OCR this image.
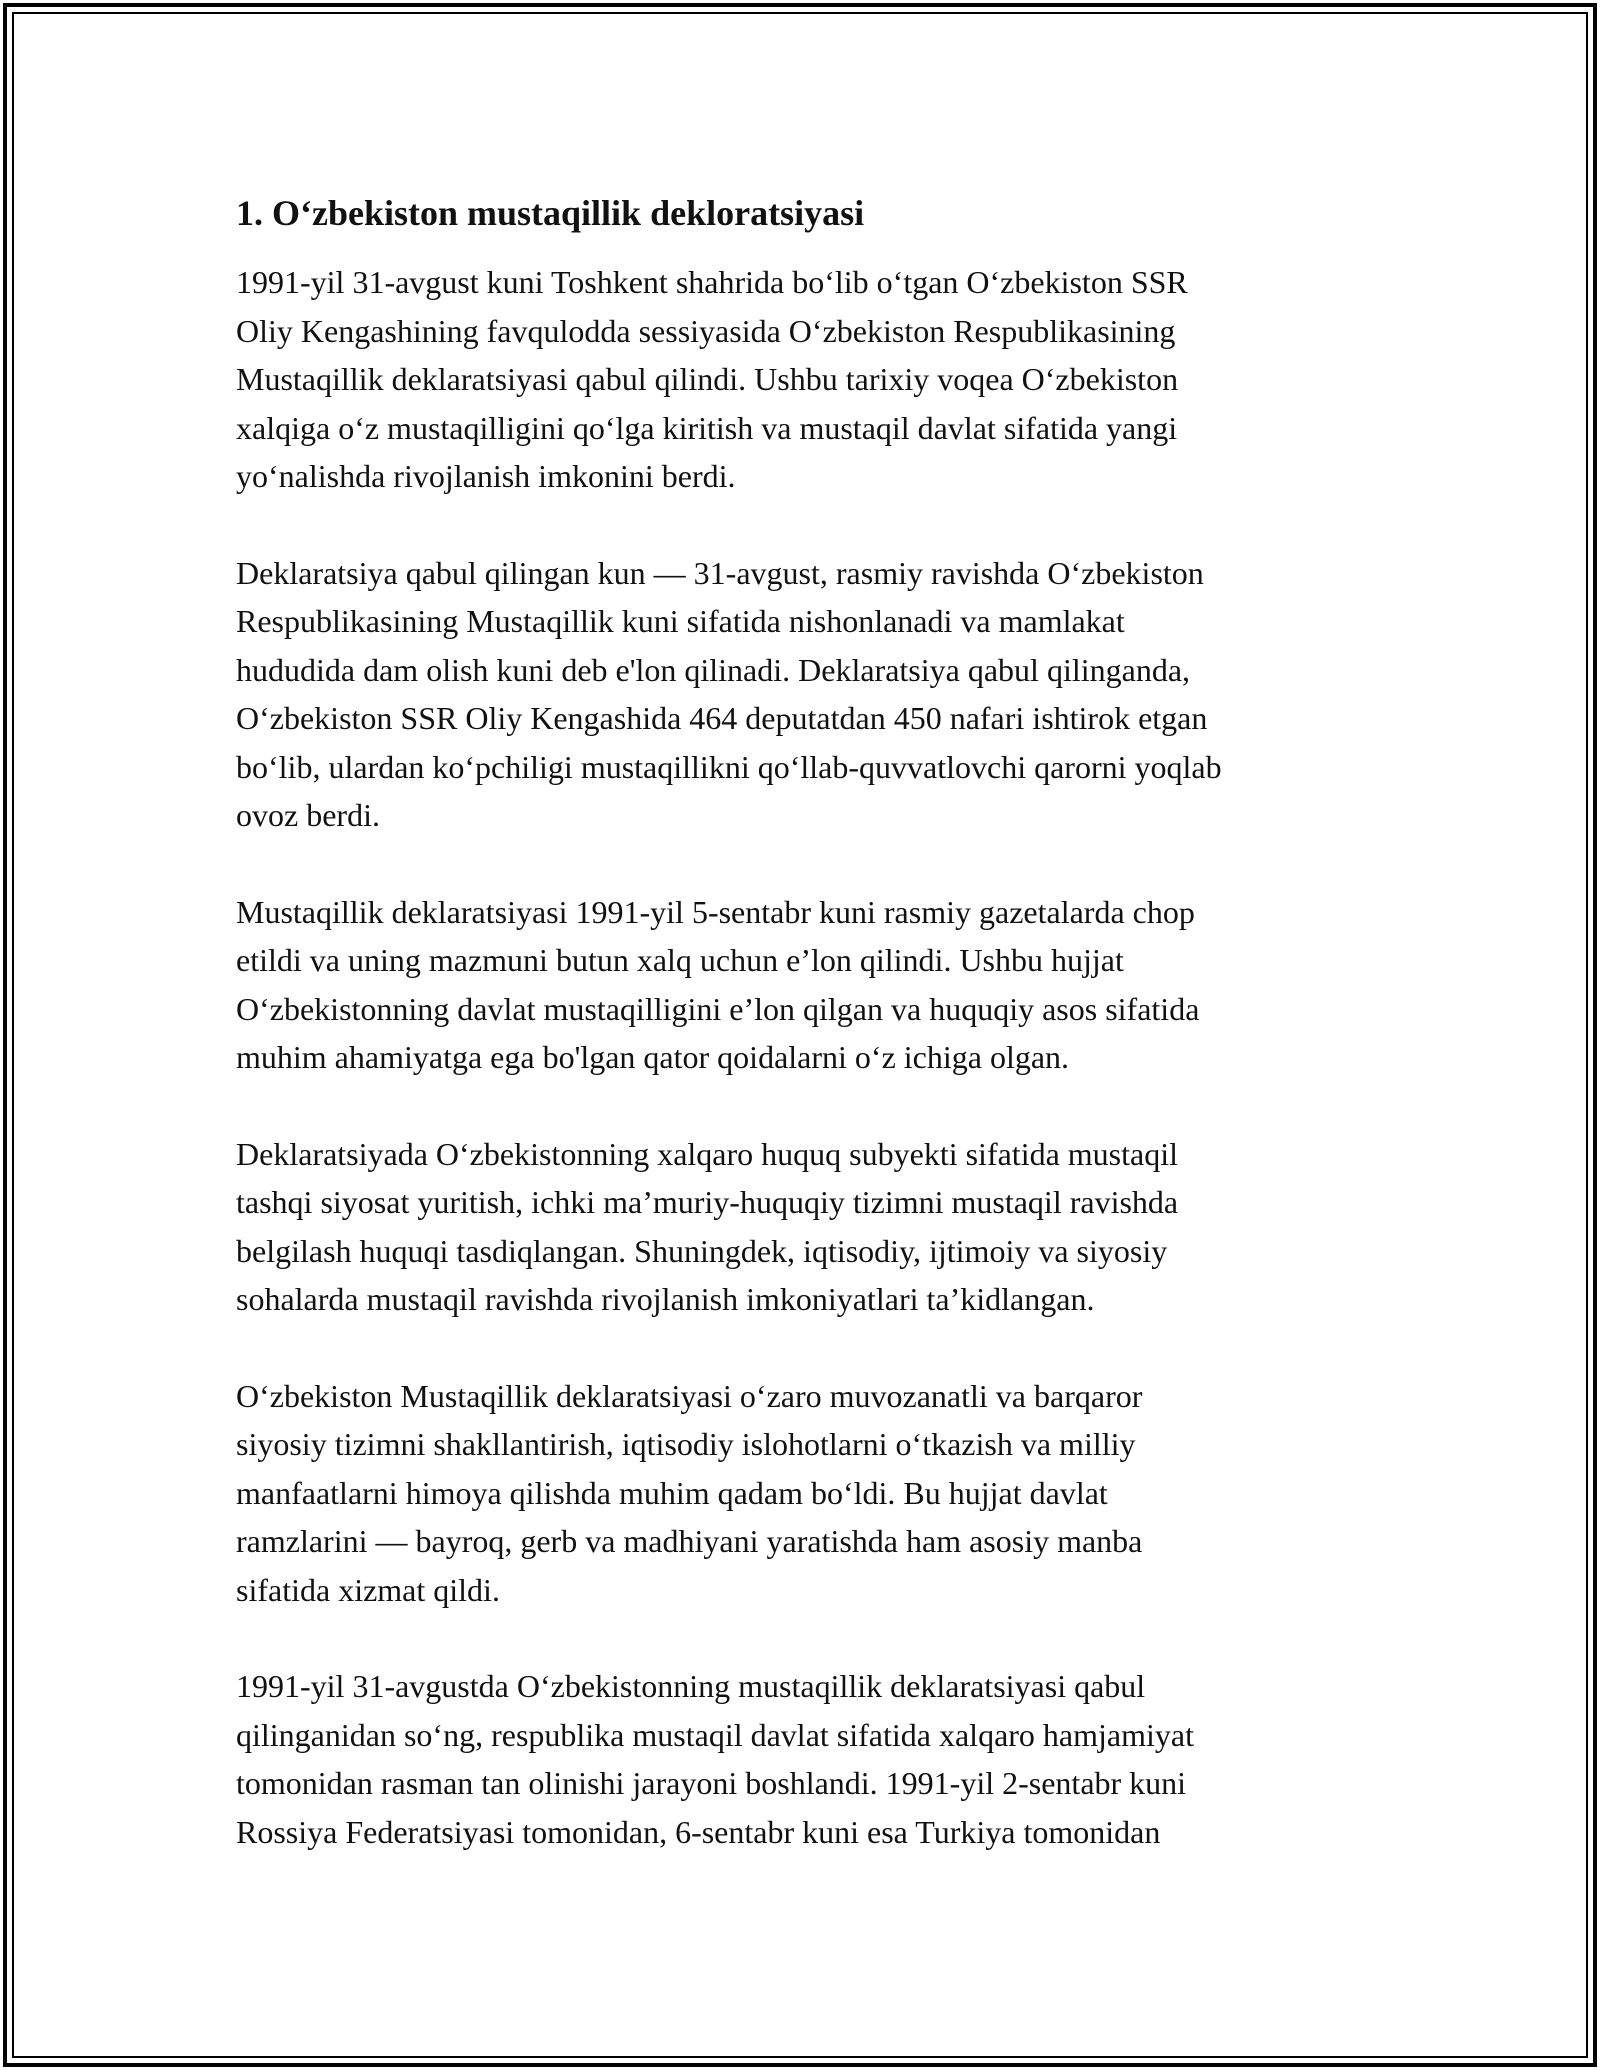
1. O‘zbekiston mustaqillik dekloratsiyasi

1991-yil 31-avgust kuni Toshkent shahrida bo‘lib o‘tgan O‘zbekiston SSR
Oliy Kengashining favqulodda sessiyasida O‘zbekiston Respublikasining
Mustaqillik deklaratsiyasi qabul qilindi. Ushbu tarixiy voqea O‘zbekiston
xalqiga o‘z mustaqilligini qo‘lga kiritish va mustaqil davlat sifatida yangi
yo‘nalishda rivojlanish imkonini berdi.

Deklaratsiya qabul qilingan kun — 31-avgust, rasmiy ravishda O‘zbekiston
Respublikasining Mustaqillik kuni sifatida nishonlanadi va mamlakat
hududida dam olish kuni deb e'lon qilinadi. Deklaratsiya qabul qilinganda,
O‘zbekiston SSR Oliy Kengashida 464 deputatdan 450 nafari ishtirok etgan
bo‘lib, ulardan ko‘pchiligi mustaqillikni qo‘llab-quvvatlovchi qarorni yoqlab
ovoz berdi.

Mustaqillik deklaratsiyasi 1991-yil 5-sentabr kuni rasmiy gazetalarda chop
etildi va uning mazmuni butun xalq uchun e’lon qilindi. Ushbu hujjat
O‘zbekistonning davlat mustaqilligini e’lon qilgan va huquqiy asos sifatida
muhim ahamiyatga ega bo'lgan qator qoidalarni o‘z ichiga olgan.

Deklaratsiyada O‘zbekistonning xalqaro huquq subyekti sifatida mustaqil
tashqi siyosat yuritish, ichki ma’muriy-huquqiy tizimni mustaqil ravishda
belgilash huquqi tasdiqlangan. Shuningdek, iqtisodiy, ijtimoiy va siyosiy
sohalarda mustaqil ravishda rivojlanish imkoniyatlari ta’kidlangan.

O‘zbekiston Mustaqillik deklaratsiyasi o‘zaro muvozanatli va barqaror
siyosiy tizimni shakllantirish, iqtisodiy islohotlarni o‘tkazish va milliy
manfaatlarni himoya qilishda muhim qadam bo‘ldi. Bu hujjat davlat
ramzlarini — bayroq, gerb va madhiyani yaratishda ham asosiy manba
sifatida xizmat qildi.

1991-yil 31-avgustda O‘zbekistonning mustaqillik deklaratsiyasi qabul
qilinganidan so‘ng, respublika mustaqil davlat sifatida xalqaro hamjamiyat
tomonidan rasman tan olinishi jarayoni boshlandi. 1991-yil 2-sentabr kuni
Rossiya Federatsiyasi tomonidan, 6-sentabr kuni esa Turkiya tomonidan
